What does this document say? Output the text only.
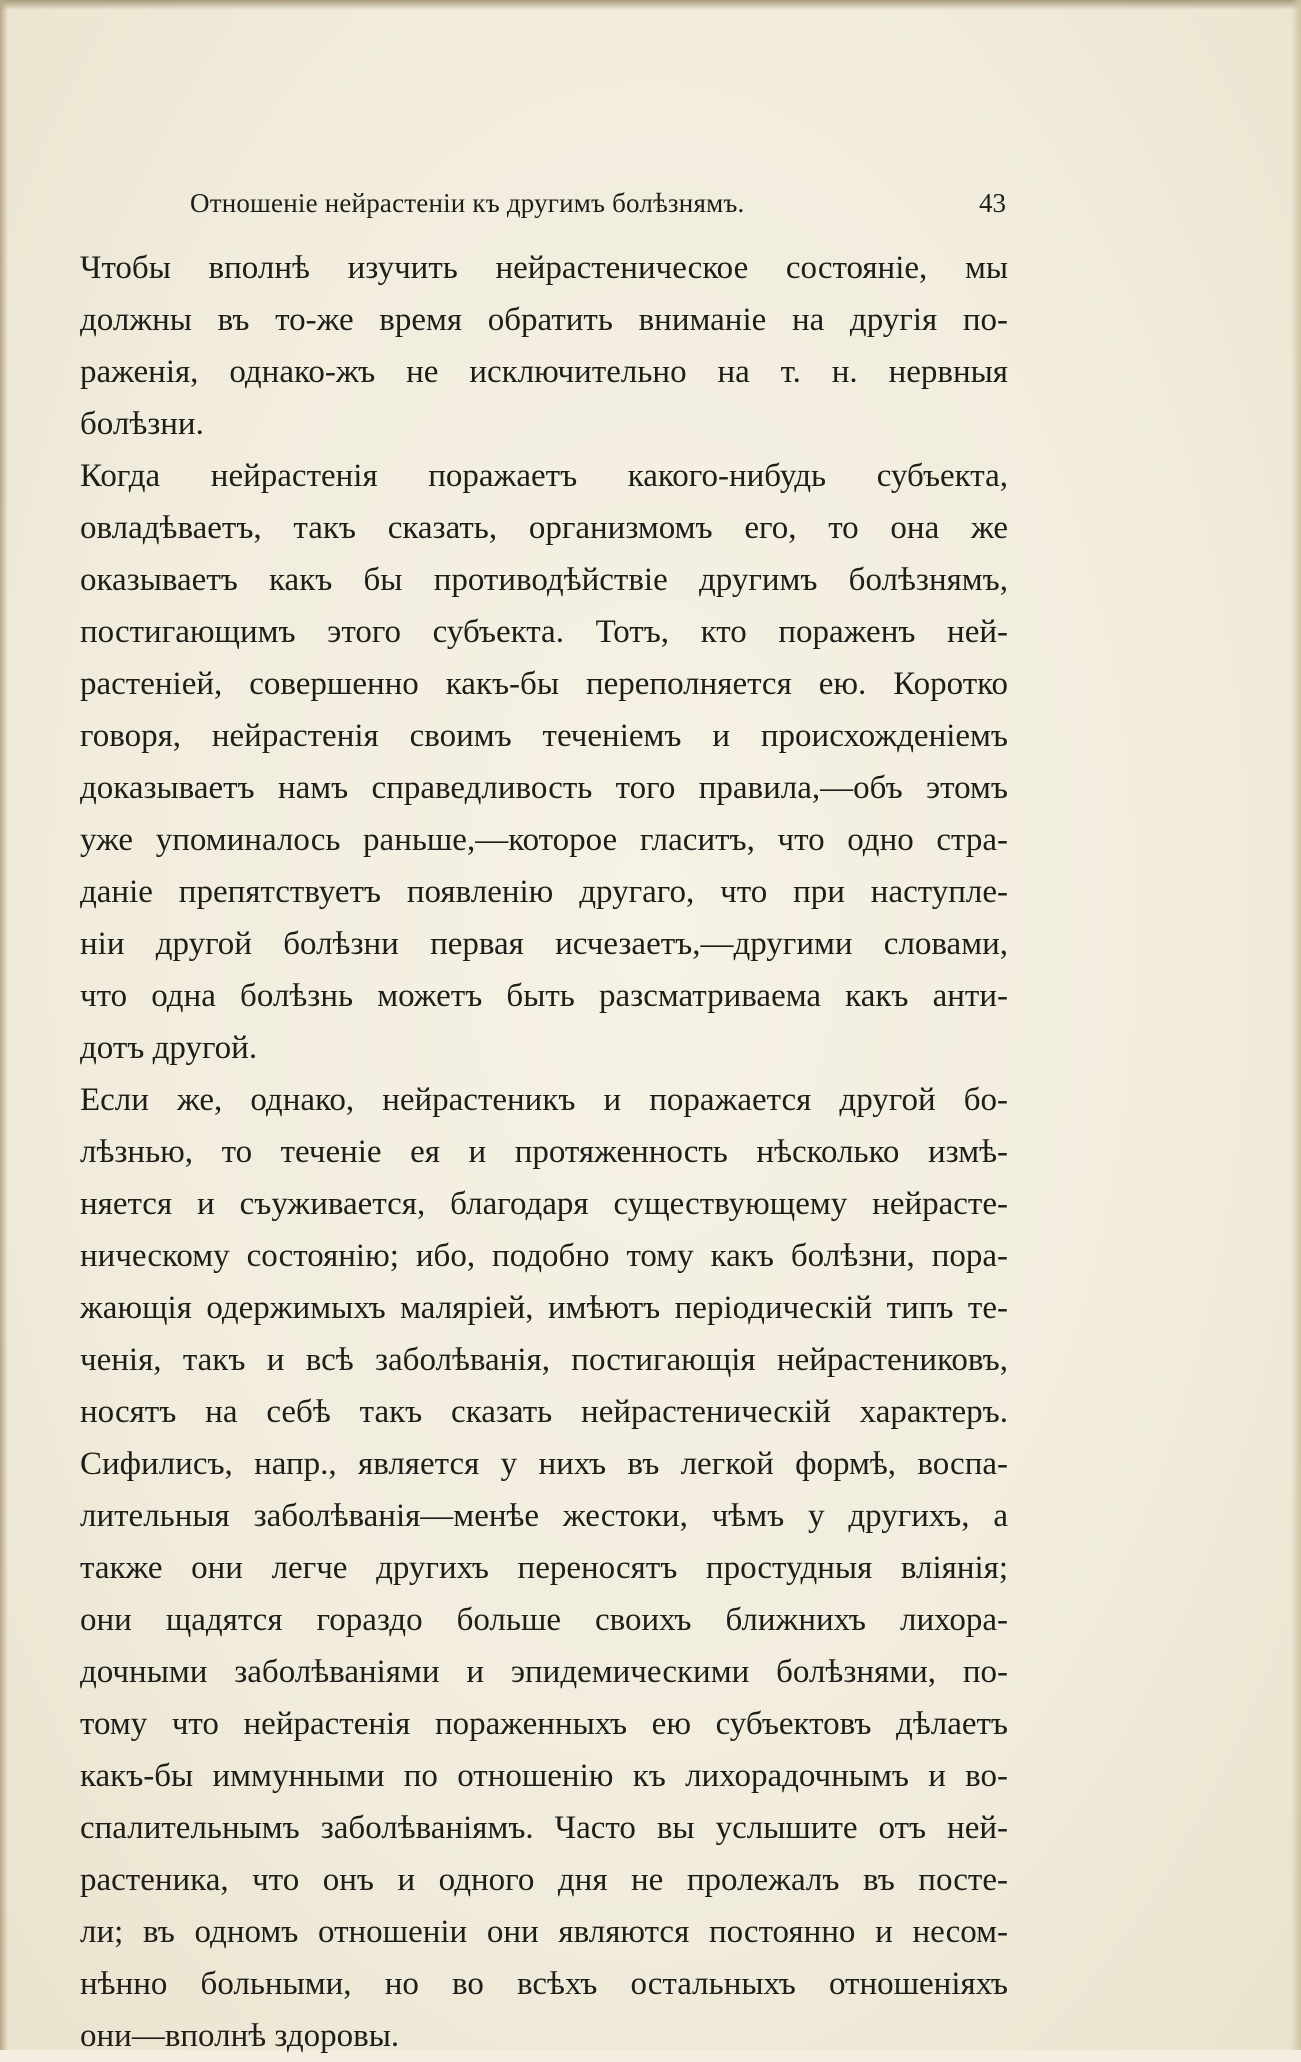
Отношеніе нейрастеніи къ другимъ болѣзнямъ.	43
Чтобы вполнѣ изучить нейрастеническое состояніе, мы
должны въ то-же время обратить вниманіе на другія по-
раженія, однако-жъ не исключительно на т. н. нервныя
болѣзни.
Когда нейрастенія поражаетъ какого-нибудь субъекта,
овладѣваетъ, такъ сказать, организмомъ его, то она же
оказываетъ какъ бы противодѣйствіе другимъ болѣзнямъ,
постигающимъ этого субъекта. Тотъ, кто пораженъ ней-
растеніей, совершенно какъ-бы переполняется ею. Коротко
говоря, нейрастенія своимъ теченіемъ и происхожденіемъ
доказываетъ намъ справедливость того правила,—объ этомъ
уже упоминалось раньше,—которое гласитъ, что одно стра-
даніе препятствуетъ появленію другаго, что при наступле-
ніи другой болѣзни первая исчезаетъ,—другими словами,
что одна болѣзнь можетъ быть разсматриваема какъ анти-
дотъ другой.
Если же, однако, нейрастеникъ и поражается другой бо-
лѣзнью, то теченіе ея и протяженность нѣсколько измѣ-
няется и съуживается, благодаря существующему нейрасте-
ническому состоянію; ибо, подобно тому какъ болѣзни, пора-
жающія одержимыхъ маляріей, имѣютъ періодическій типъ те-
ченія, такъ и всѣ заболѣванія, постигающія нейрастениковъ,
носятъ на себѣ такъ сказать нейрастеническій характеръ.
Сифилисъ, напр., является у нихъ въ легкой формѣ, воспа-
лительныя заболѣванія—менѣе жестоки, чѣмъ у другихъ, а
также они легче другихъ переносятъ простудныя вліянія;
они щадятся гораздо больше своихъ ближнихъ лихора-
дочными заболѣваніями и эпидемическими болѣзнями, по-
тому что нейрастенія пораженныхъ ею субъектовъ дѣлаетъ
какъ-бы иммунными по отношенію къ лихорадочнымъ и во-
спалительнымъ заболѣваніямъ. Часто вы услышите отъ ней-
растеника, что онъ и одного дня не пролежалъ въ посте-
ли; въ одномъ отношеніи они являются постоянно и несом-
нѣнно больными, но во всѣхъ остальныхъ отношеніяхъ
они—вполнѣ здоровы.
